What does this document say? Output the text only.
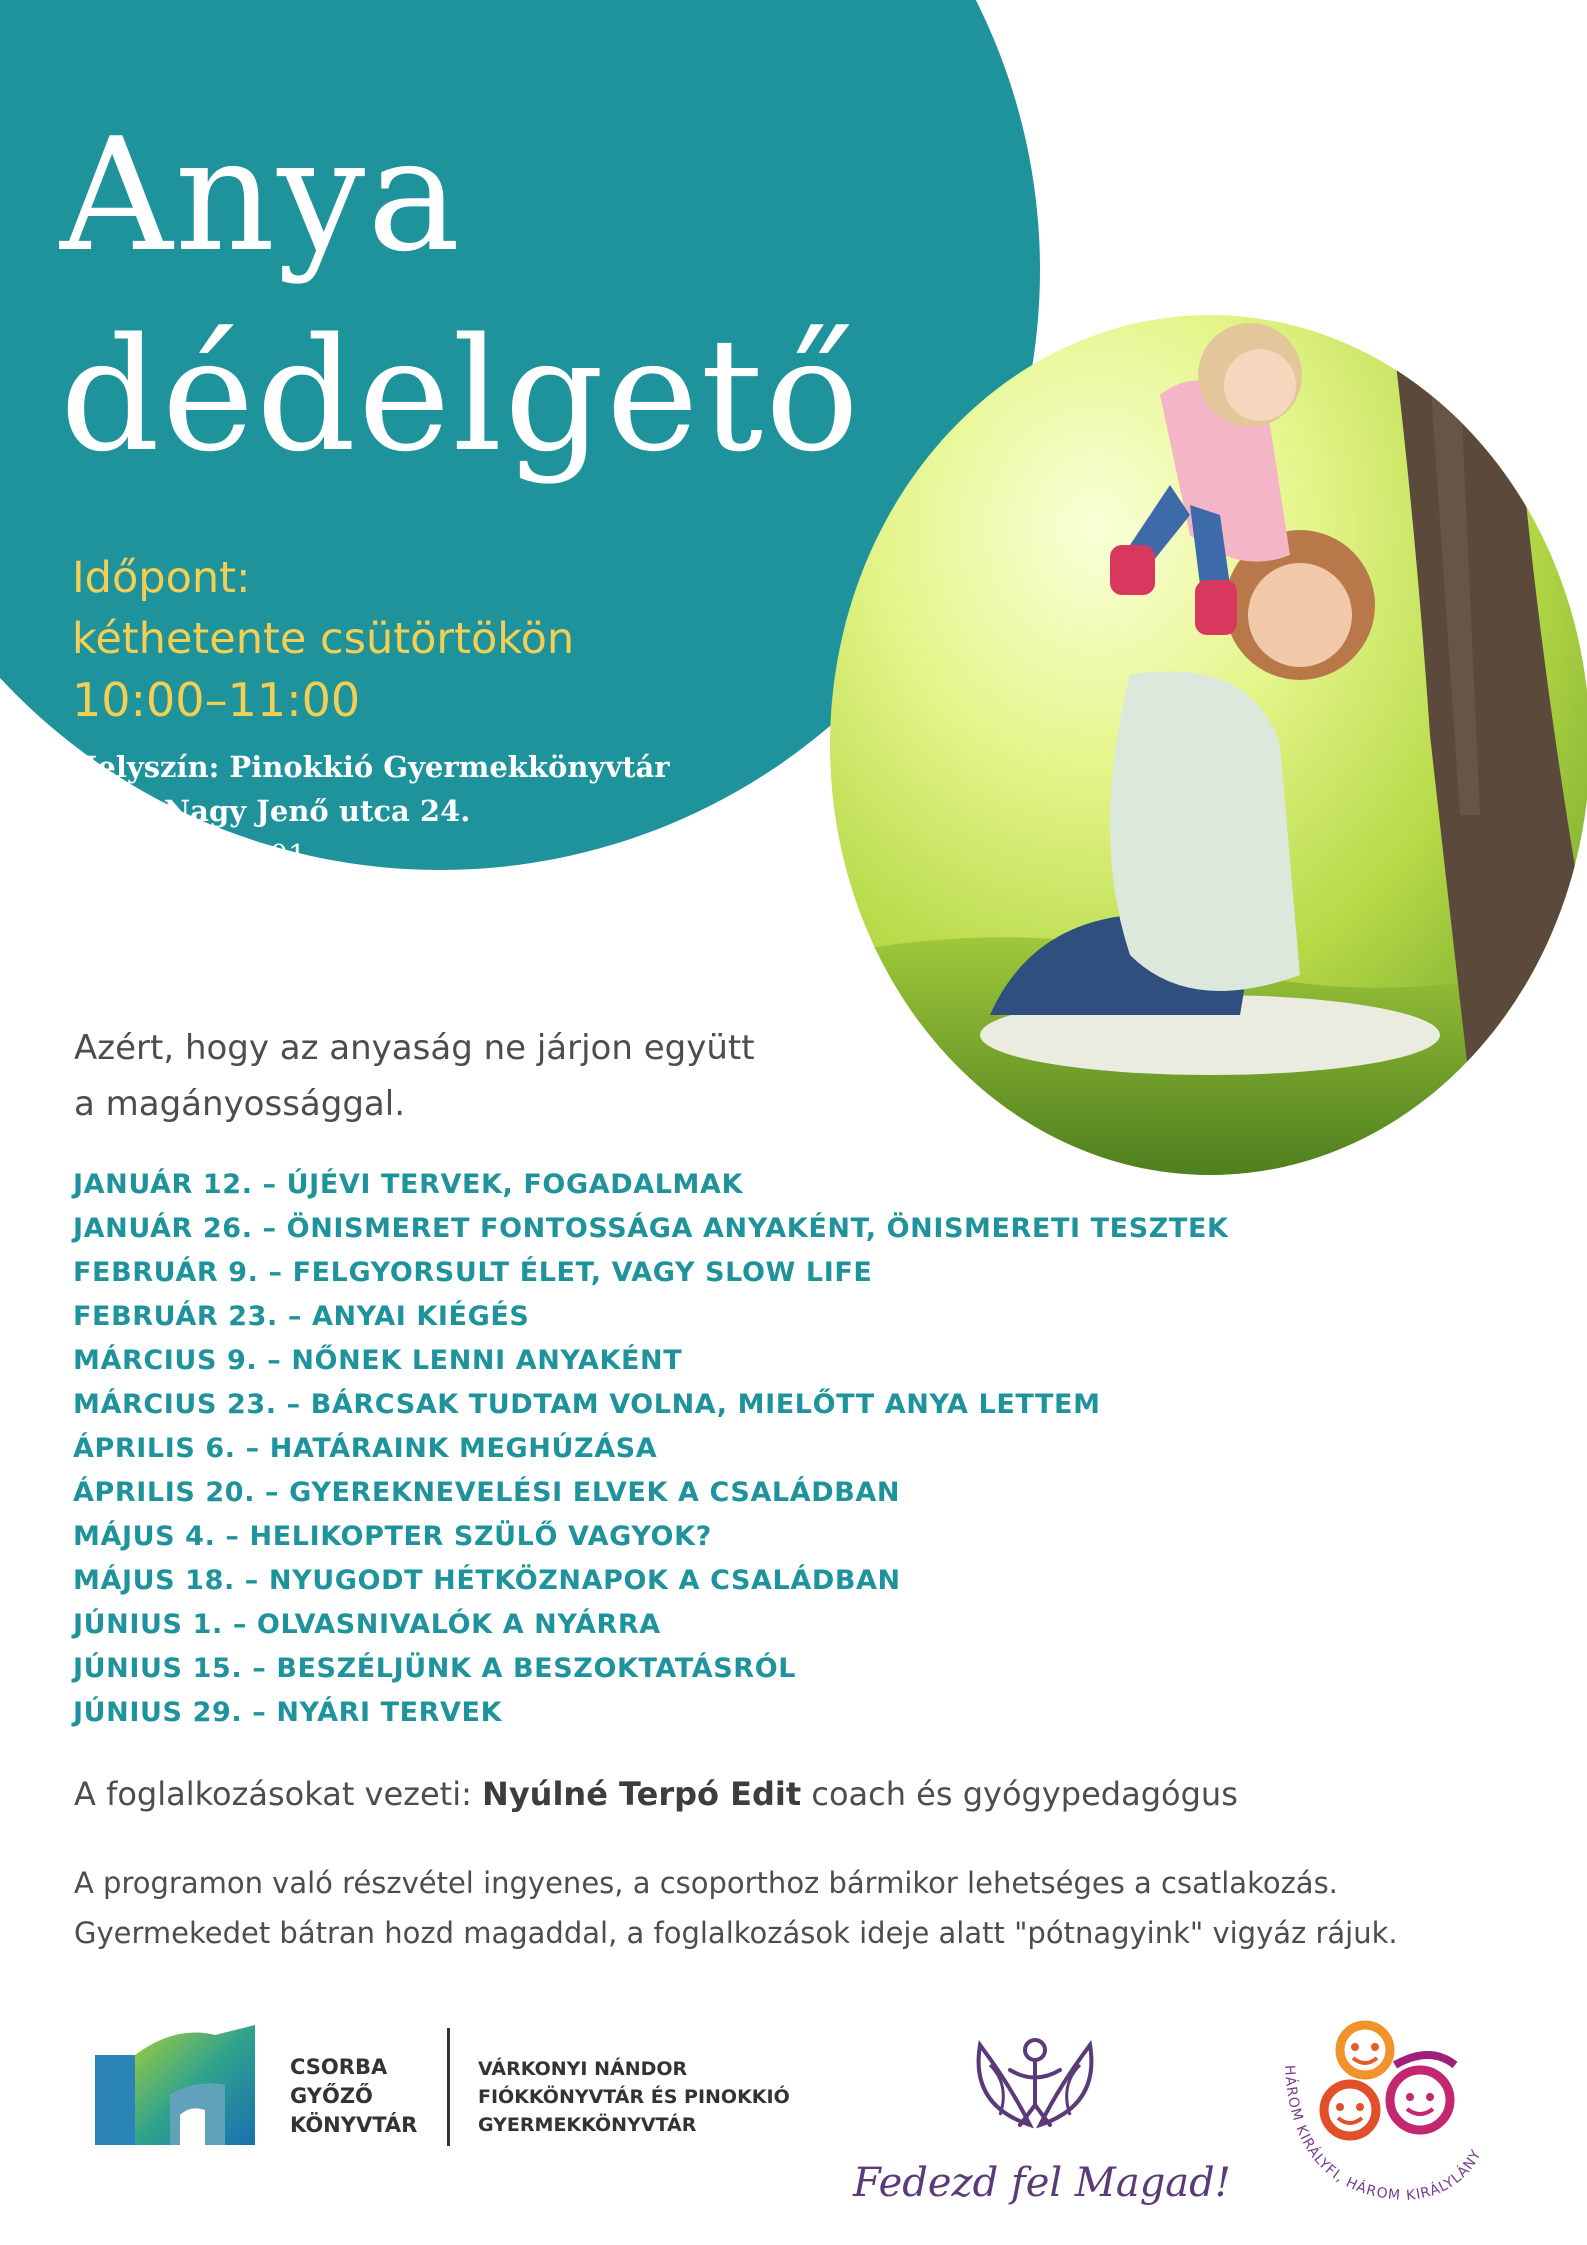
Anya
dédelgető
Időpont:
kéthetente csütörtökön
10:00–11:00
Helyszín: Pinokkió Gyermekkönyvtár
Pécs, Nagy Jenő utca 24.
+36 72 324 001
Azért, hogy az anyaság ne járjon együtt
a magányossággal.
JANUÁR 12. – ÚJÉVI TERVEK, FOGADALMAK
JANUÁR 26. – ÖNISMERET FONTOSSÁGA ANYAKÉNT, ÖNISMERETI TESZTEK
FEBRUÁR 9. – FELGYORSULT ÉLET, VAGY SLOW LIFE
FEBRUÁR 23. – ANYAI KIÉGÉS
MÁRCIUS 9. – NŐNEK LENNI ANYAKÉNT
MÁRCIUS 23. – BÁRCSAK TUDTAM VOLNA, MIELŐTT ANYA LETTEM
ÁPRILIS 6. – HATÁRAINK MEGHÚZÁSA
ÁPRILIS 20. – GYEREKNEVELÉSI ELVEK A CSALÁDBAN
MÁJUS 4. – HELIKOPTER SZÜLŐ VAGYOK?
MÁJUS 18. – NYUGODT HÉTKÖZNAPOK A CSALÁDBAN
JÚNIUS 1. – OLVASNIVALÓK A NYÁRRA
JÚNIUS 15. – BESZÉLJÜNK A BESZOKTATÁSRÓL
JÚNIUS 29. – NYÁRI TERVEK
A foglalkozásokat vezeti: Nyúlné Terpó Edit coach és gyógypedagógus
A programon való részvétel ingyenes, a csoporthoz bármikor lehetséges a csatlakozás.
Gyermekedet bátran hozd magaddal, a foglalkozások ideje alatt "pótnagyink" vigyáz rájuk.
CSORBA
GYŐZŐ
KÖNYVTÁR
VÁRKONYI NÁNDOR
FIÓKKÖNYVTÁR ÉS PINOKKIÓ
GYERMEKKÖNYVTÁR
Fedezd fel Magad!
HÁROM KIRÁLYFI, HÁROM KIRÁLYLÁNY
